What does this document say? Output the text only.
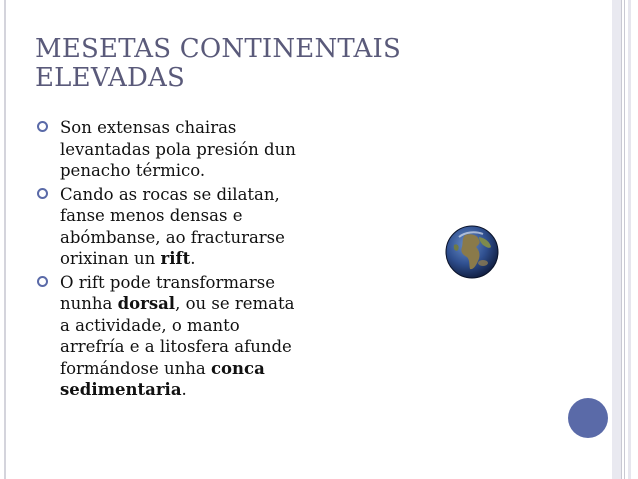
MESETAS CONTINENTAIS
ELEVADAS
Son extensas chairas
levantadas pola presión dun
penacho térmico.
Cando as rocas se dilatan,
fanse menos densas e
abómbanse, ao fracturarse
orixinan un rift.
O rift pode transformarse
nunha dorsal, ou se remata
a actividade, o manto
arrefría e a litosfera afunde
formándose unha conca
sedimentaria.
